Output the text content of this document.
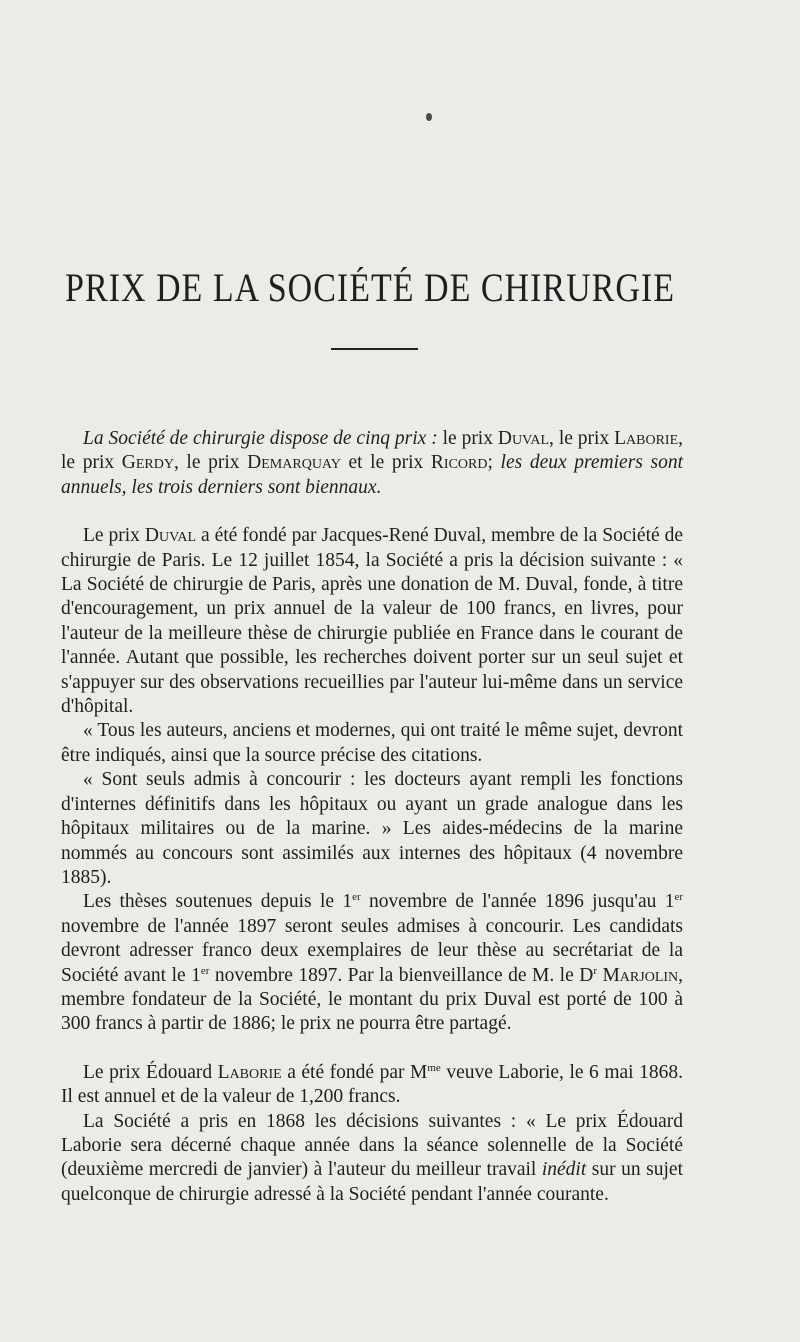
PRIX DE LA SOCIÉTÉ DE CHIRURGIE

La Société de chirurgie dispose de cinq prix : le prix Duval, le prix Laborie, le prix Gerdy, le prix Demarquay et le prix Ricord; les deux premiers sont annuels, les trois derniers sont biennaux.

Le prix Duval a été fondé par Jacques-René Duval, membre de la Société de chirurgie de Paris. Le 12 juillet 1854, la Société a pris la décision suivante : « La Société de chirurgie de Paris, après une donation de M. Duval, fonde, à titre d'encouragement, un prix annuel de la valeur de 100 francs, en livres, pour l'auteur de la meilleure thèse de chirurgie publiée en France dans le courant de l'année. Autant que possible, les recherches doivent porter sur un seul sujet et s'appuyer sur des observations recueillies par l'auteur lui-même dans un service d'hôpital.

« Tous les auteurs, anciens et modernes, qui ont traité le même sujet, devront être indiqués, ainsi que la source précise des citations.

« Sont seuls admis à concourir : les docteurs ayant rempli les fonctions d'internes définitifs dans les hôpitaux ou ayant un grade analogue dans les hôpitaux militaires ou de la marine. » Les aides-médecins de la marine nommés au concours sont assimilés aux internes des hôpitaux (4 novembre 1885).

Les thèses soutenues depuis le 1er novembre de l'année 1896 jusqu'au 1er novembre de l'année 1897 seront seules admises à concourir. Les candidats devront adresser franco deux exemplaires de leur thèse au secrétariat de la Société avant le 1er novembre 1897. Par la bienveillance de M. le $D^r$ Marjolin, membre fondateur de la Société, le montant du prix Duval est porté de 100 à 300 francs à partir de 1886; le prix ne pourra être partagé.

Le prix Édouard Laborie a été fondé par $M^{me}$ veuve Laborie, le 6 mai 1868. Il est annuel et de la valeur de 1,200 francs.

La Société a pris en 1868 les décisions suivantes : « Le prix Édouard Laborie sera décerné chaque année dans la séance solennelle de la Société (deuxième mercredi de janvier) à l'auteur du meilleur travail inédit sur un sujet quelconque de chirurgie adressé à la Société pendant l'année courante.
